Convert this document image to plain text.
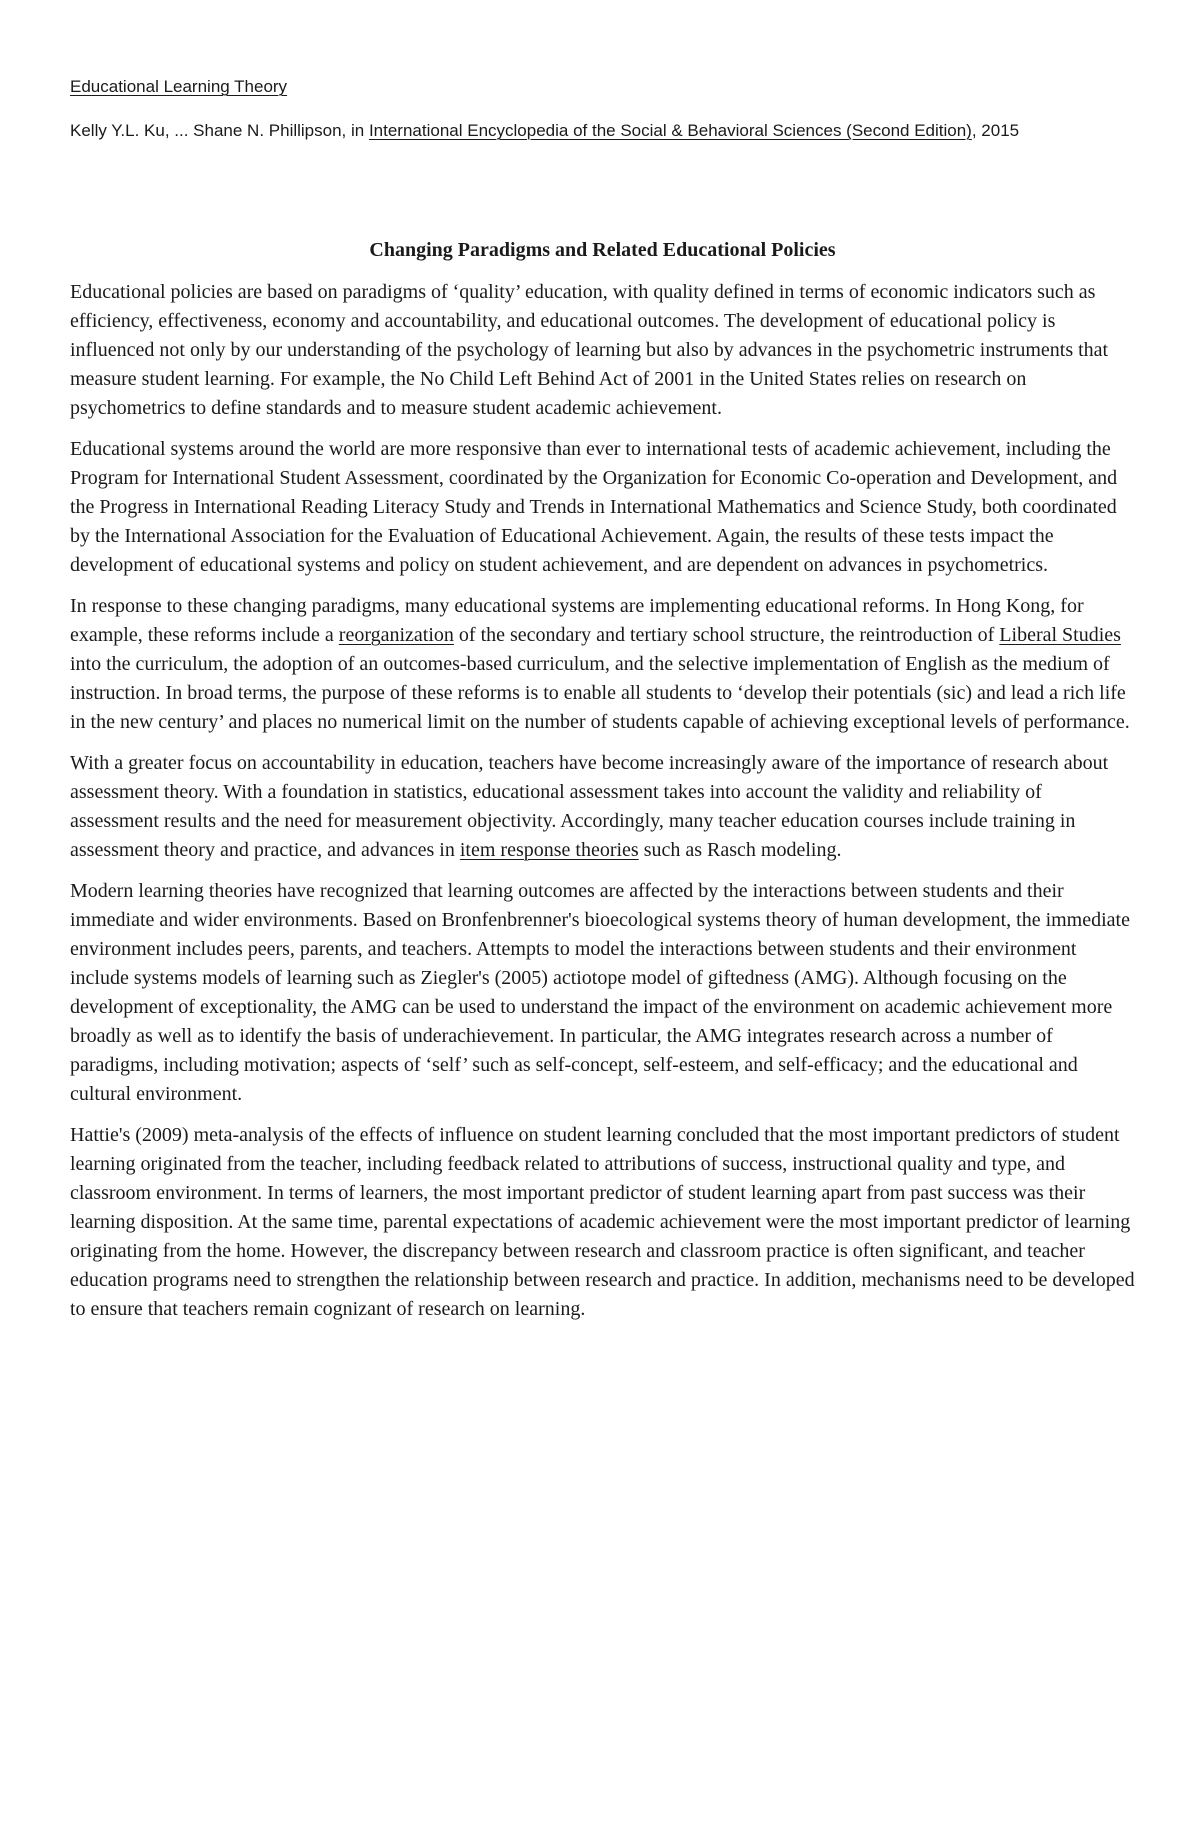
Educational Learning Theory
Kelly Y.L. Ku, ... Shane N. Phillipson, in International Encyclopedia of the Social & Behavioral Sciences (Second Edition), 2015
Changing Paradigms and Related Educational Policies

Educational policies are based on paradigms of ‘quality’ education, with quality defined in terms of economic indicators such as efficiency, effectiveness, economy and accountability, and educational outcomes. The development of educational policy is influenced not only by our understanding of the psychology of learning but also by advances in the psychometric instruments that measure student learning. For example, the No Child Left Behind Act of 2001 in the United States relies on research on psychometrics to define standards and to measure student academic achievement.

Educational systems around the world are more responsive than ever to international tests of academic achievement, including the Program for International Student Assessment, coordinated by the Organization for Economic Co-operation and Development, and the Progress in International Reading Literacy Study and Trends in International Mathematics and Science Study, both coordinated by the International Association for the Evaluation of Educational Achievement. Again, the results of these tests impact the development of educational systems and policy on student achievement, and are dependent on advances in psychometrics.

In response to these changing paradigms, many educational systems are implementing educational reforms. In Hong Kong, for example, these reforms include a reorganization of the secondary and tertiary school structure, the reintroduction of Liberal Studies into the curriculum, the adoption of an outcomes-based curriculum, and the selective implementation of English as the medium of instruction. In broad terms, the purpose of these reforms is to enable all students to ‘develop their potentials (sic) and lead a rich life in the new century’ and places no numerical limit on the number of students capable of achieving exceptional levels of performance.

With a greater focus on accountability in education, teachers have become increasingly aware of the importance of research about assessment theory. With a foundation in statistics, educational assessment takes into account the validity and reliability of assessment results and the need for measurement objectivity. Accordingly, many teacher education courses include training in assessment theory and practice, and advances in item response theories such as Rasch modeling.

Modern learning theories have recognized that learning outcomes are affected by the interactions between students and their immediate and wider environments. Based on Bronfenbrenner's bioecological systems theory of human development, the immediate environment includes peers, parents, and teachers. Attempts to model the interactions between students and their environment include systems models of learning such as Ziegler's (2005) actiotope model of giftedness (AMG). Although focusing on the development of exceptionality, the AMG can be used to understand the impact of the environment on academic achievement more broadly as well as to identify the basis of underachievement. In particular, the AMG integrates research across a number of paradigms, including motivation; aspects of ‘self’ such as self-concept, self-esteem, and self-efficacy; and the educational and cultural environment.

Hattie's (2009) meta-analysis of the effects of influence on student learning concluded that the most important predictors of student learning originated from the teacher, including feedback related to attributions of success, instructional quality and type, and classroom environment. In terms of learners, the most important predictor of student learning apart from past success was their learning disposition. At the same time, parental expectations of academic achievement were the most important predictor of learning originating from the home. However, the discrepancy between research and classroom practice is often significant, and teacher education programs need to strengthen the relationship between research and practice. In addition, mechanisms need to be developed to ensure that teachers remain cognizant of research on learning.
